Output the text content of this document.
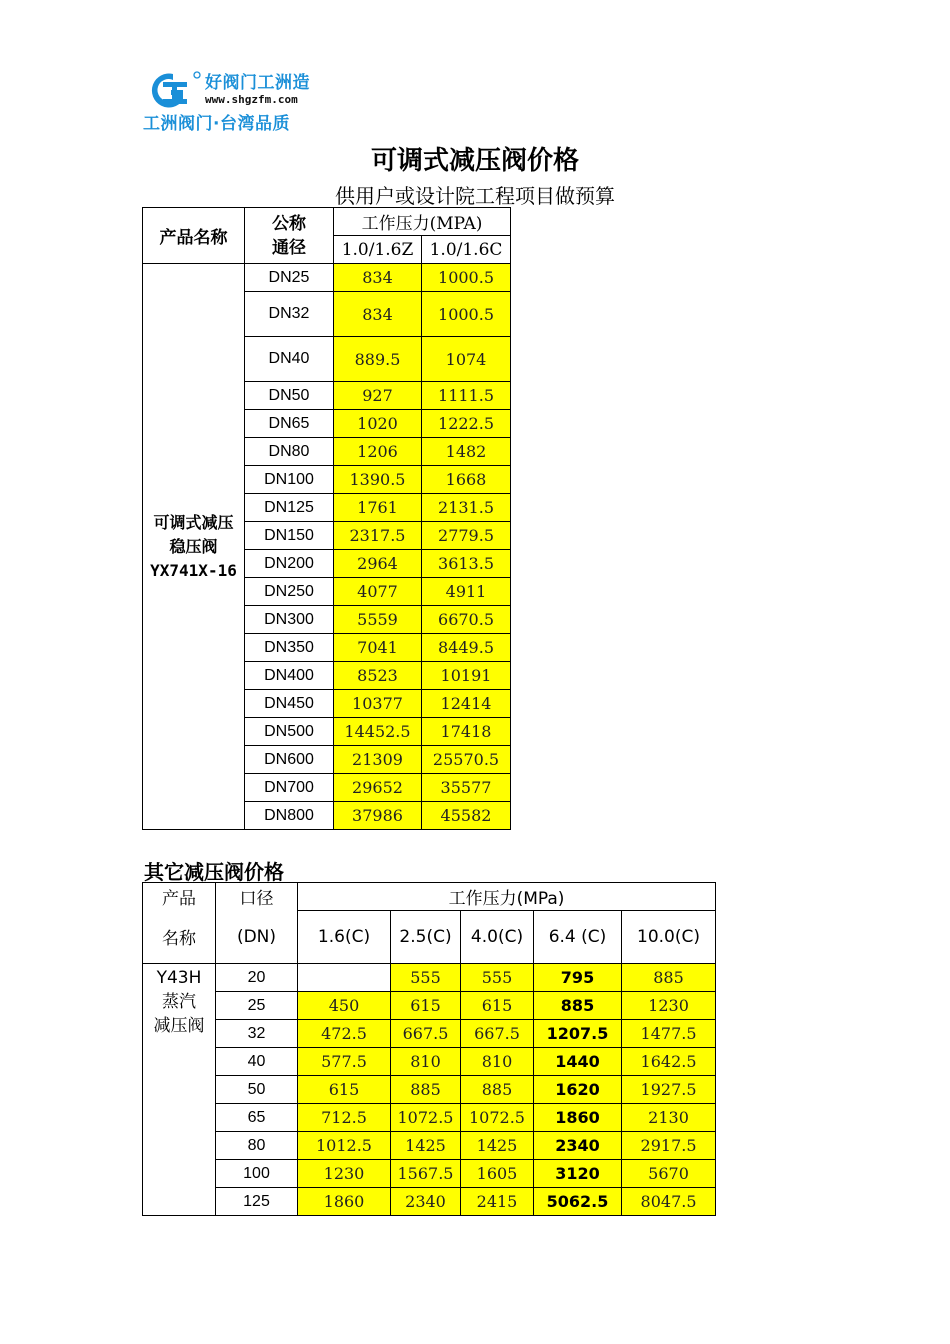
好阀门工洲造
www.shgzfm.com
工洲阀门·台湾品质
可调式减压阀价格
供用户或设计院工程项目做预算
产品名称	公称
通径	工作压力(MPA)	
		1.0/1.6Z	1.0/1.6C
可调式减压
稳压阀
YX741X-16	DN25	834	1000.5
	DN32	834	1000.5
	DN40	889.5	1074
	DN50	927	1111.5
	DN65	1020	1222.5
	DN80	1206	1482
	DN100	1390.5	1668
	DN125	1761	2131.5
	DN150	2317.5	2779.5
	DN200	2964	3613.5
	DN250	4077	4911
	DN300	5559	6670.5
	DN350	7041	8449.5
	DN400	8523	10191
	DN450	10377	12414
	DN500	14452.5	17418
	DN600	21309	25570.5
	DN700	29652	35577
	DN800	37986	45582
其它减压阀价格
产品	口径	工作压力(MPa)				
名称	(DN)	1.6(C)	2.5(C)	4.0(C)	6.4 (C)	10.0(C)
Y43H
蒸汽
减压阀	20		555	555	795	885
	25	450	615	615	885	1230
	32	472.5	667.5	667.5	1207.5	1477.5
	40	577.5	810	810	1440	1642.5
	50	615	885	885	1620	1927.5
	65	712.5	1072.5	1072.5	1860	2130
	80	1012.5	1425	1425	2340	2917.5
	100	1230	1567.5	1605	3120	5670
	125	1860	2340	2415	5062.5	8047.5
